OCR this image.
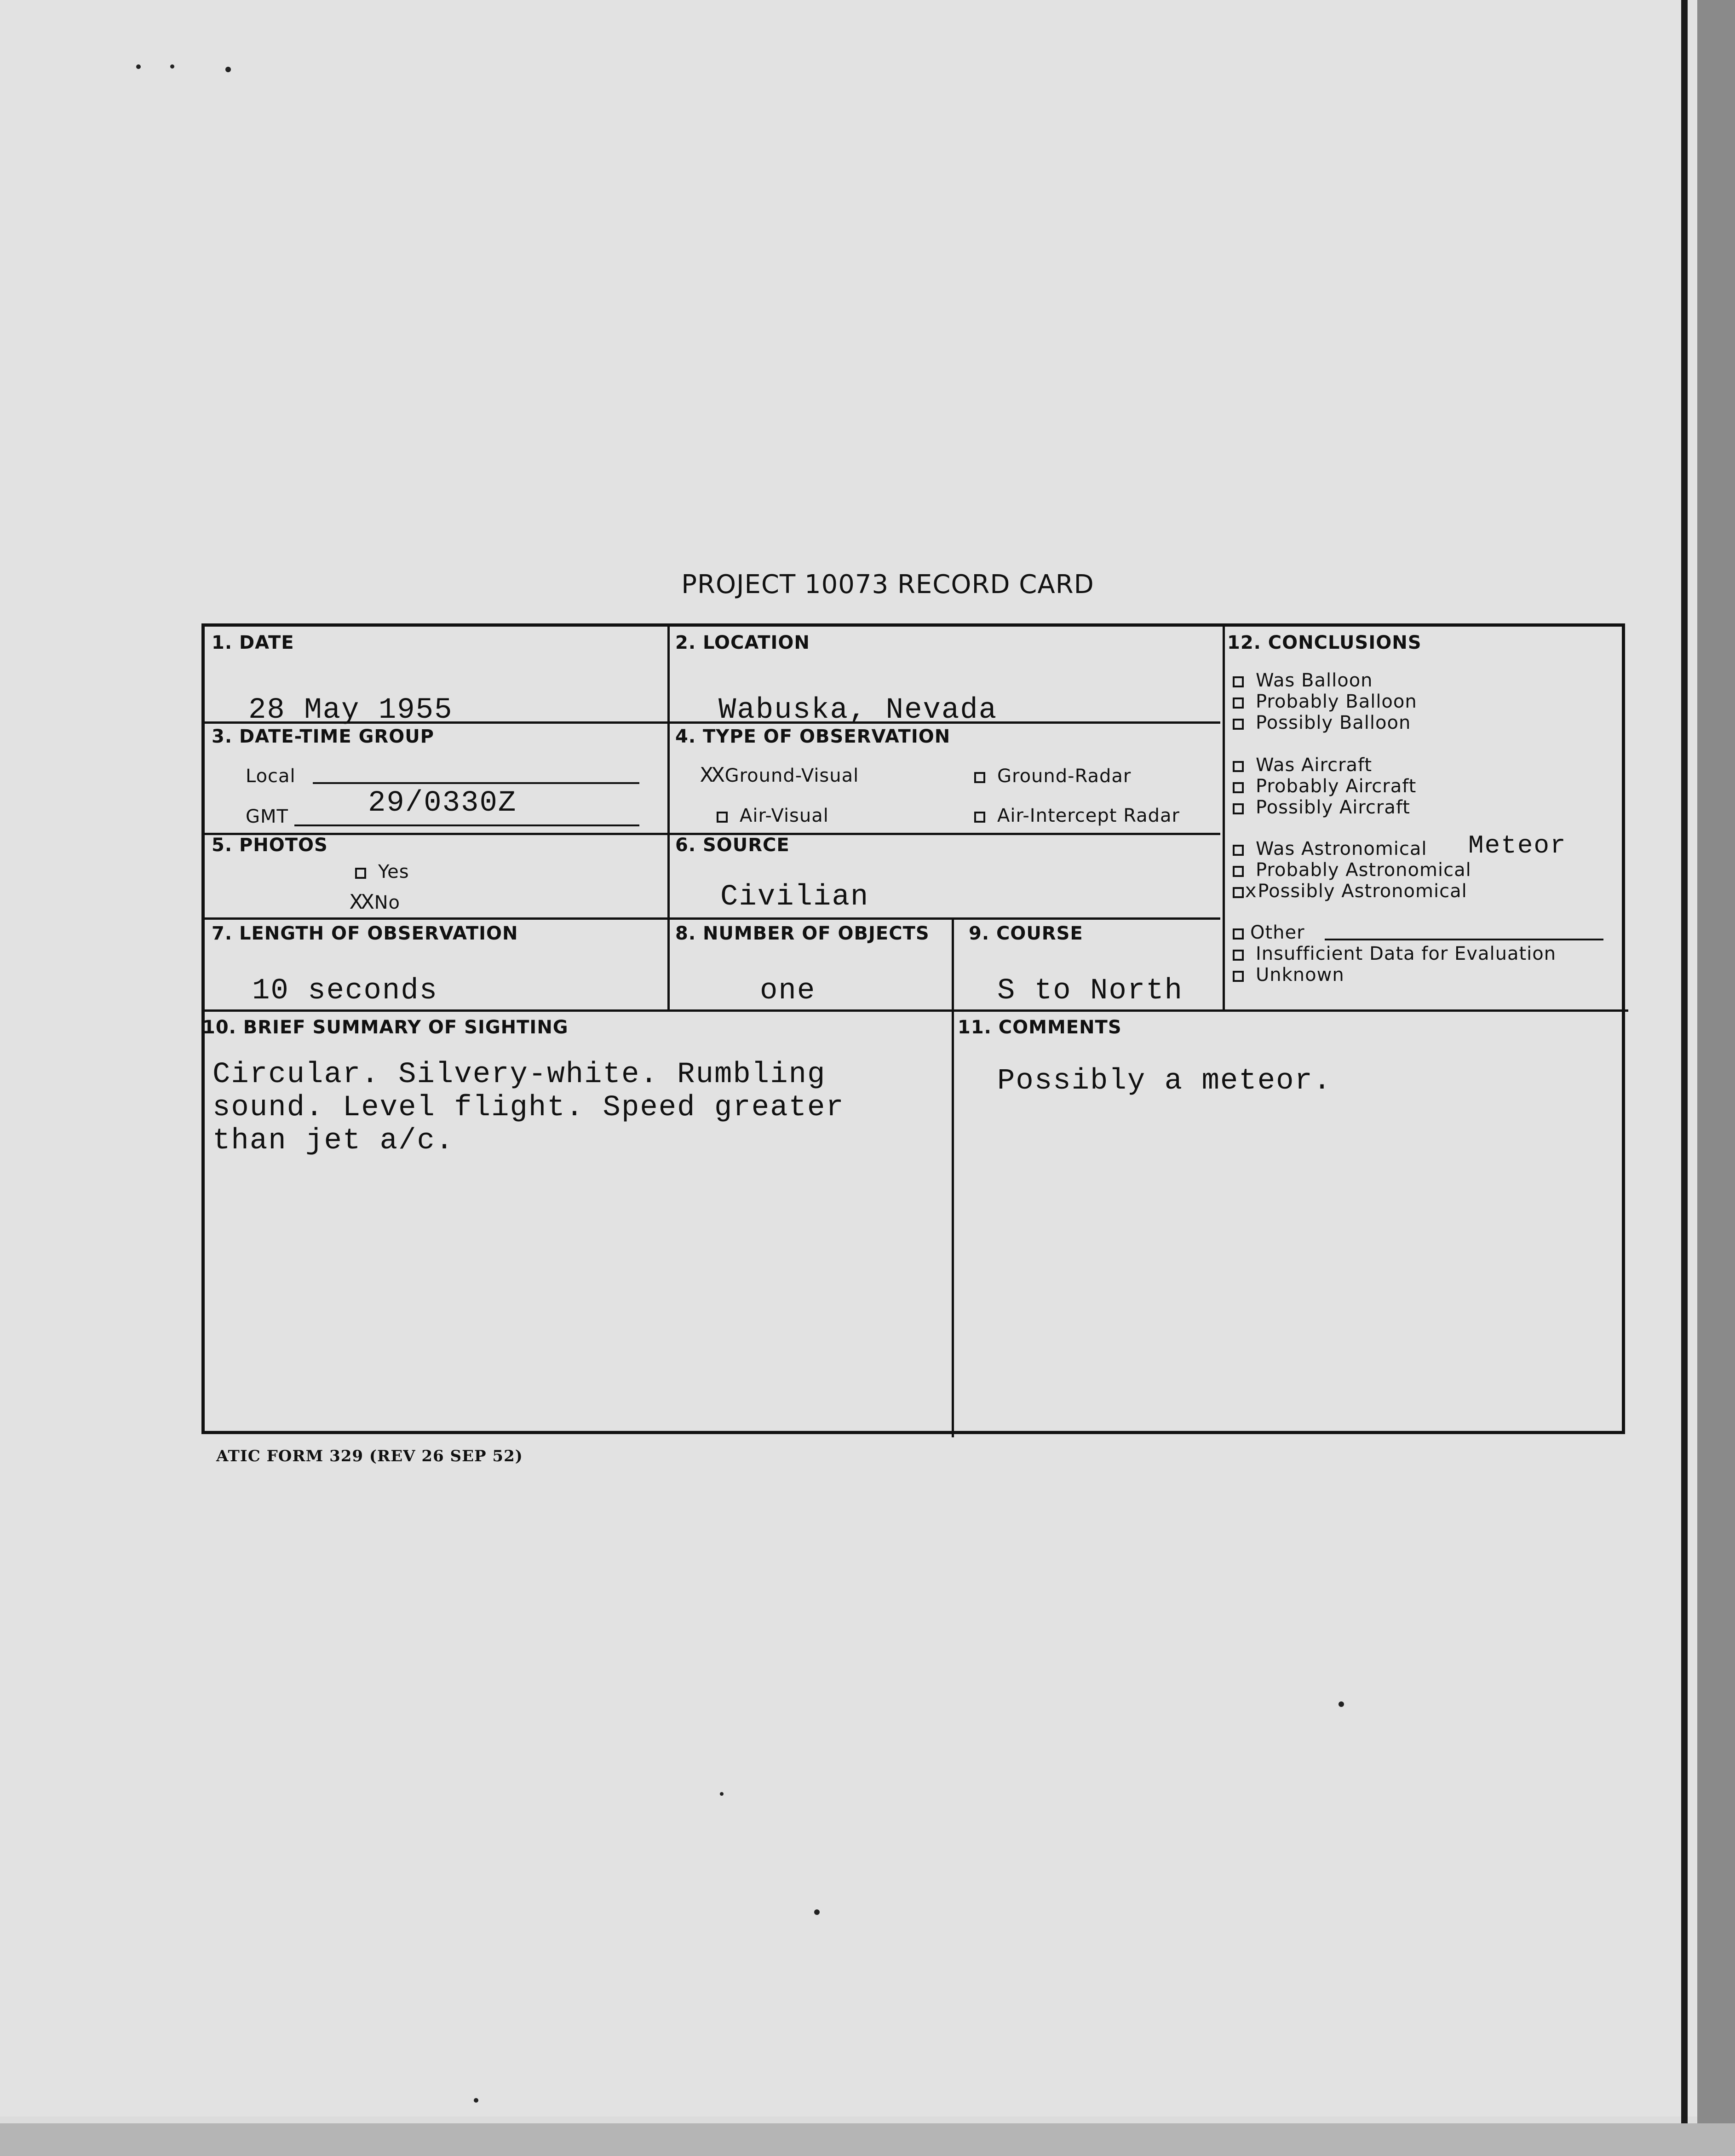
PROJECT 10073 RECORD CARD
1. DATE
28 May 1955
2. LOCATION
Wabuska, Nevada
3. DATE-TIME GROUP
Local
GMT	29/0330Z
4. TYPE OF OBSERVATION
XX Ground-Visual	Ground-Radar
Air-Visual	Air-Intercept Radar
5. PHOTOS
Yes
XX No
6. SOURCE
Civilian
7. LENGTH OF OBSERVATION
10 seconds
8. NUMBER OF OBJECTS
one
9. COURSE
S to North
10. BRIEF SUMMARY OF SIGHTING
Circular. Silvery-white. Rumbling
sound. Level flight. Speed greater
than jet a/c.
11. COMMENTS
Possibly a meteor.
12. CONCLUSIONS
Was Balloon
Probably Balloon
Possibly Balloon
Was Aircraft
Probably Aircraft
Possibly Aircraft
Was Astronomical Meteor
Probably Astronomical
x Possibly Astronomical
Other
Insufficient Data for Evaluation
Unknown
ATIC FORM 329 (REV 26 SEP 52)
